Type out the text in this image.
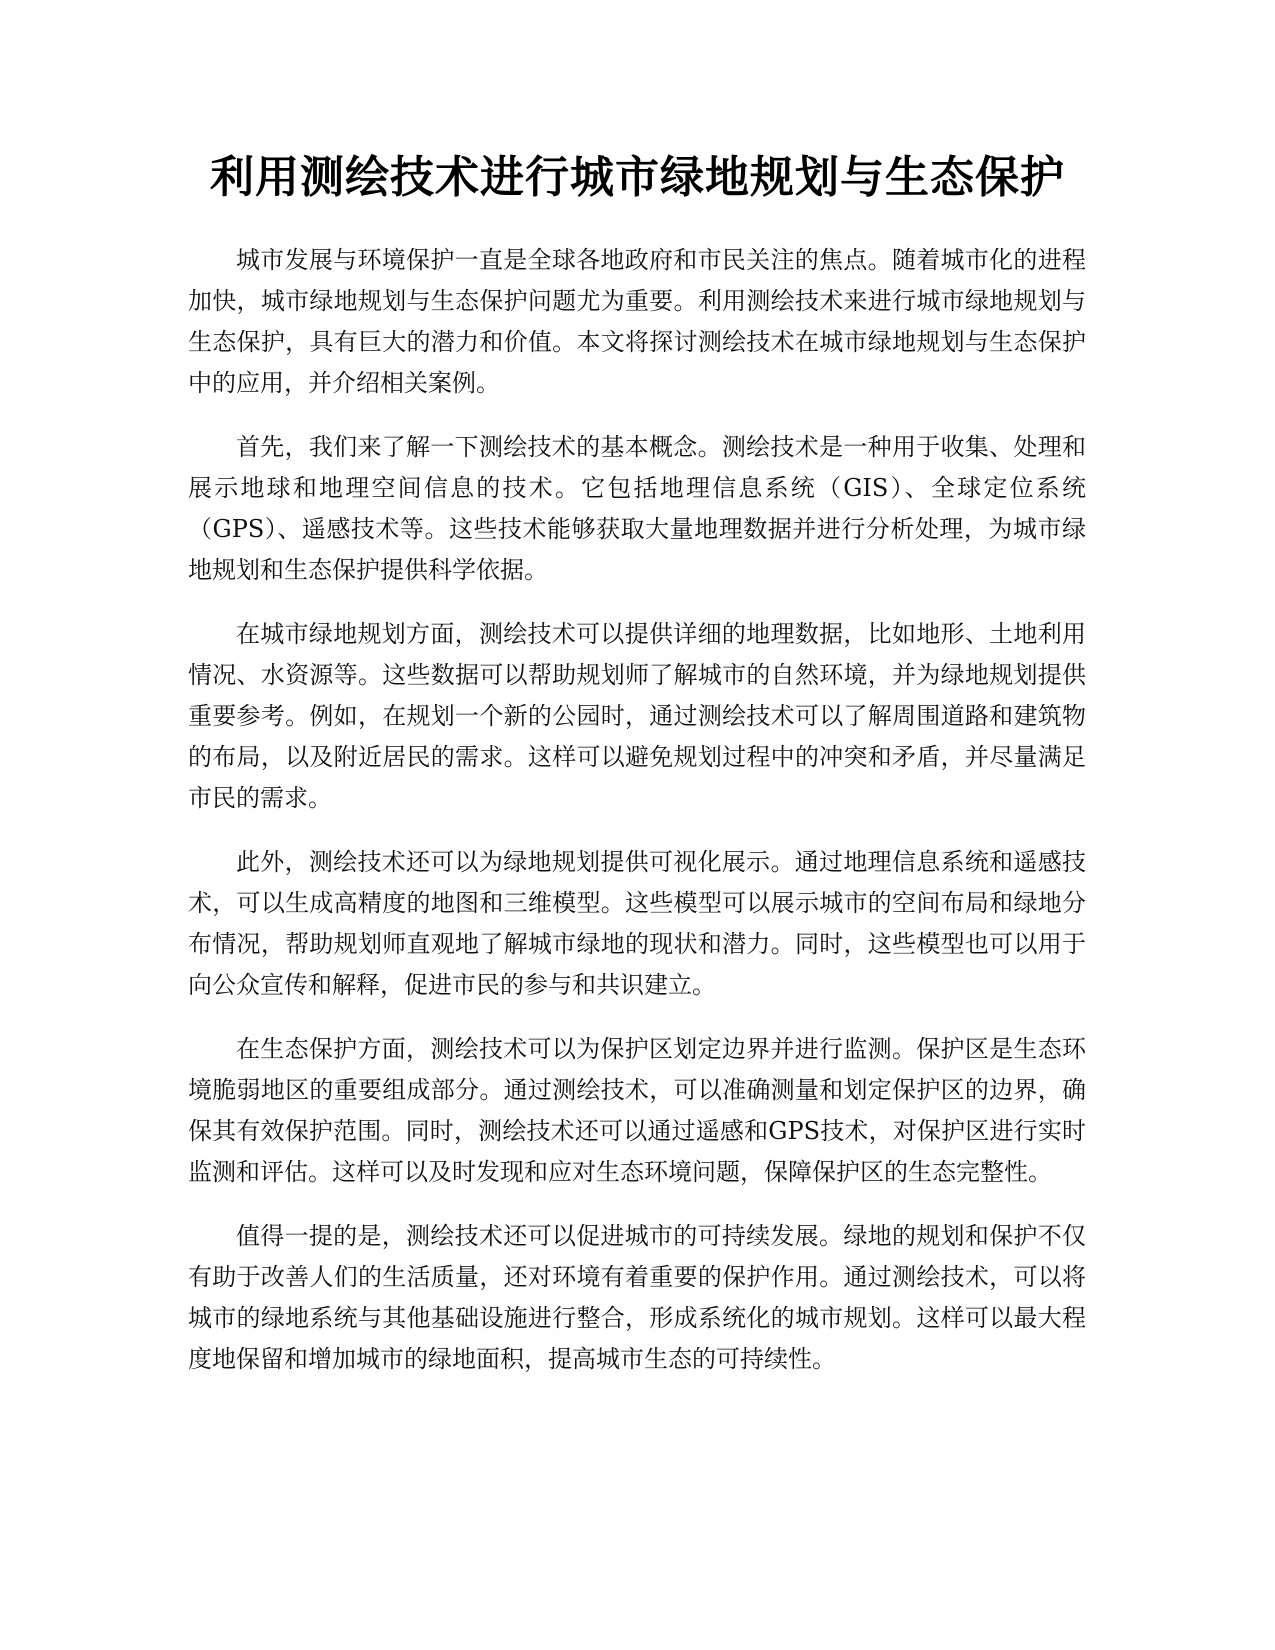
利用测绘技术进行城市绿地规划与生态保护

城市发展与环境保护一直是全球各地政府和市民关注的焦点。随着城市化的进程加快，城市绿地规划与生态保护问题尤为重要。利用测绘技术来进行城市绿地规划与生态保护，具有巨大的潜力和价值。本文将探讨测绘技术在城市绿地规划与生态保护中的应用，并介绍相关案例。

首先，我们来了解一下测绘技术的基本概念。测绘技术是一种用于收集、处理和展示地球和地理空间信息的技术。它包括地理信息系统（GIS）、全球定位系统（GPS）、遥感技术等。这些技术能够获取大量地理数据并进行分析处理，为城市绿地规划和生态保护提供科学依据。

在城市绿地规划方面，测绘技术可以提供详细的地理数据，比如地形、土地利用情况、水资源等。这些数据可以帮助规划师了解城市的自然环境，并为绿地规划提供重要参考。例如，在规划一个新的公园时，通过测绘技术可以了解周围道路和建筑物的布局，以及附近居民的需求。这样可以避免规划过程中的冲突和矛盾，并尽量满足市民的需求。

此外，测绘技术还可以为绿地规划提供可视化展示。通过地理信息系统和遥感技术，可以生成高精度的地图和三维模型。这些模型可以展示城市的空间布局和绿地分布情况，帮助规划师直观地了解城市绿地的现状和潜力。同时，这些模型也可以用于向公众宣传和解释，促进市民的参与和共识建立。

在生态保护方面，测绘技术可以为保护区划定边界并进行监测。保护区是生态环境脆弱地区的重要组成部分。通过测绘技术，可以准确测量和划定保护区的边界，确保其有效保护范围。同时，测绘技术还可以通过遥感和GPS技术，对保护区进行实时监测和评估。这样可以及时发现和应对生态环境问题，保障保护区的生态完整性。

值得一提的是，测绘技术还可以促进城市的可持续发展。绿地的规划和保护不仅有助于改善人们的生活质量，还对环境有着重要的保护作用。通过测绘技术，可以将城市的绿地系统与其他基础设施进行整合，形成系统化的城市规划。这样可以最大程度地保留和增加城市的绿地面积，提高城市生态的可持续性。
